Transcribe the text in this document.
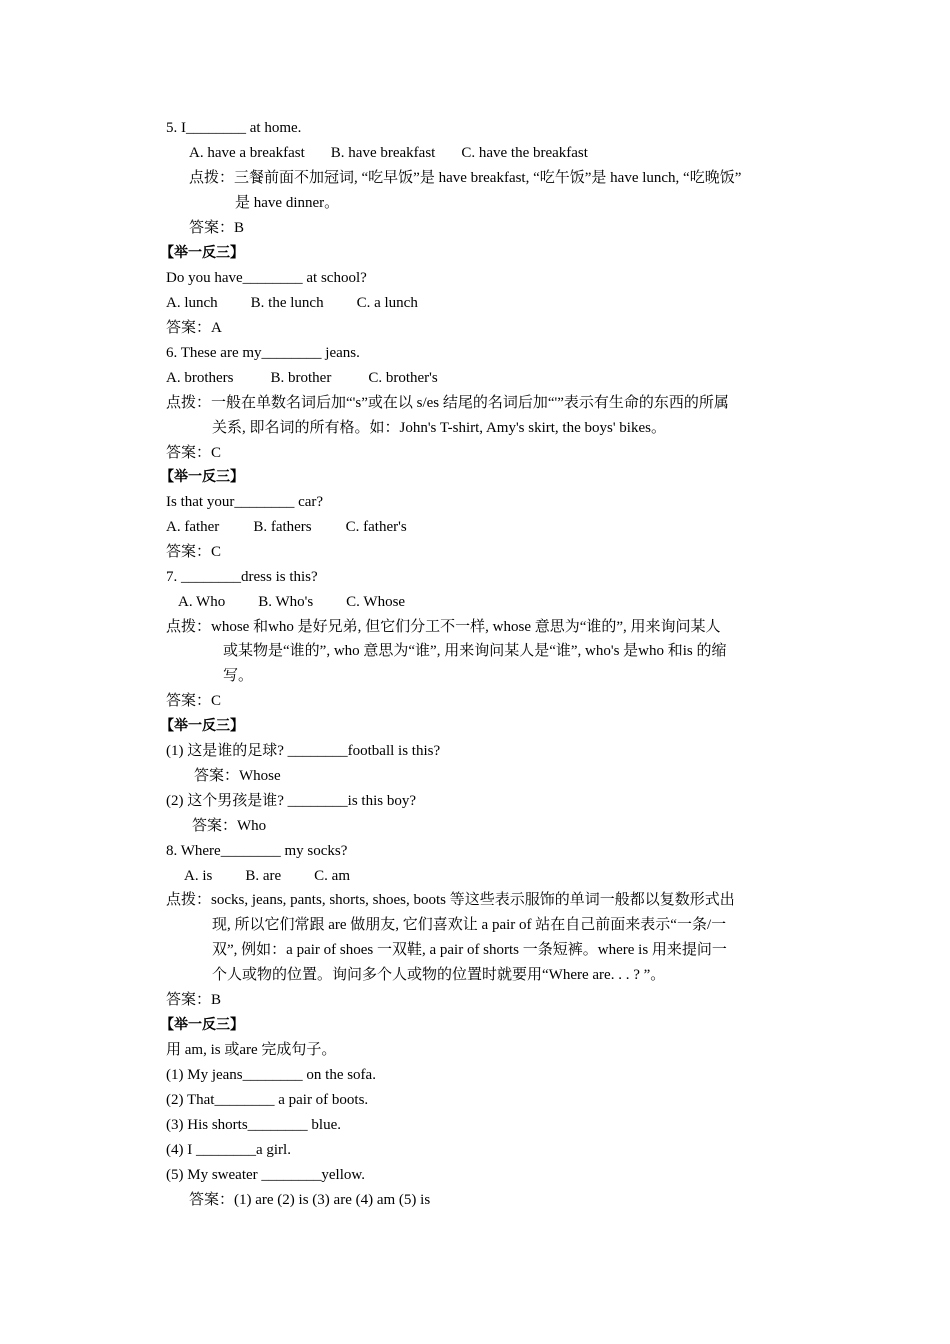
5. I________ at home.
A. have a breakfast B. have breakfast C. have the breakfast
点拨：三餐前面不加冠词, “吃早饭”是 have breakfast, “吃午饭”是 have lunch, “吃晚饭”
是 have dinner。
答案：B
【举一反三】
Do you have________ at school?
A. lunch B. the lunch C. a lunch
答案：A
6. These are my________ jeans.
A. brothers B. brother C. brother's
点拨：一般在单数名词后加“'s”或在以 s/es 结尾的名词后加“'”表示有生命的东西的所属
关系, 即名词的所有格。如：John's T-shirt, Amy's skirt, the boys' bikes。
答案：C
【举一反三】
Is that your________ car?
A. father B. fathers C. father's
答案：C
7. ________dress is this?
A. Who B. Who's C. Whose
点拨：whose 和who 是好兄弟, 但它们分工不一样, whose 意思为“谁的”, 用来询问某人
或某物是“谁的”, who 意思为“谁”, 用来询问某人是“谁”, who's 是who 和is 的缩
写。
答案：C
【举一反三】
(1) 这是谁的足球? ________football is this?
答案：Whose
(2) 这个男孩是谁? ________is this boy?
答案：Who
8. Where________ my socks?
A. is B. are C. am
点拨：socks, jeans, pants, shorts, shoes, boots 等这些表示服饰的单词一般都以复数形式出
现, 所以它们常跟 are 做朋友, 它们喜欢让 a pair of 站在自己前面来表示“一条/一
双”, 例如：a pair of shoes 一双鞋, a pair of shorts 一条短裤。where is 用来提问一
个人或物的位置。询问多个人或物的位置时就要用“Where are. . . ? ”。
答案：B
【举一反三】
用 am, is 或are 完成句子。
(1) My jeans________ on the sofa.
(2) That________ a pair of boots.
(3) His shorts________ blue.
(4) I ________a girl.
(5) My sweater ________yellow.
答案：(1) are (2) is (3) are (4) am (5) is
